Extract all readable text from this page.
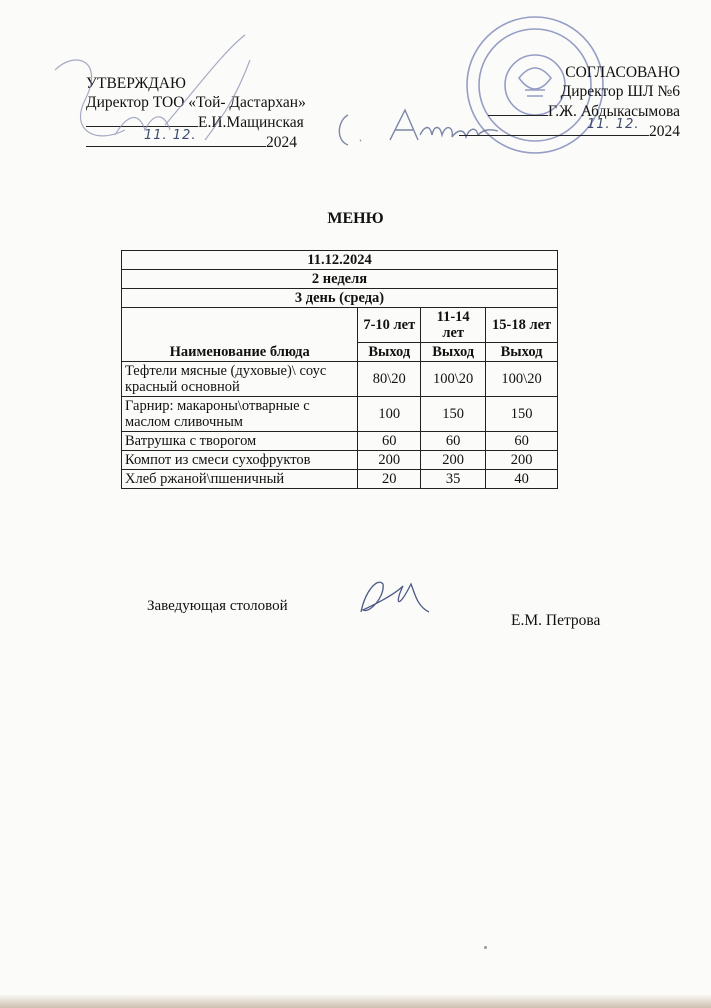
УТВЕРЖДАЮ
Директор ТОО «Той- Дастархан»
Е.И.Мащинская
11. 12.	2024
СОГЛАСОВАНО
Директор ШЛ №6
Г.Ж. Абдыкасымова
11. 12. 2024
МЕНЮ
11.12.2024			
2 неделя			
3 день (среда)			
	7-10 лет	11-14 лет	15-18 лет
Наименование блюда	Выход	Выход	Выход
Тефтели мясные (духовые)\ соус красный основной	80\20	100\20	100\20
Гарнир: макароны\отварные с маслом сливочным	100	150	150
Ватрушка с творогом	60	60	60
Компот из смеси сухофруктов	200	200	200
Хлеб ржаной\пшеничный	20	35	40
Заведующая столовой
Е.М. Петрова
